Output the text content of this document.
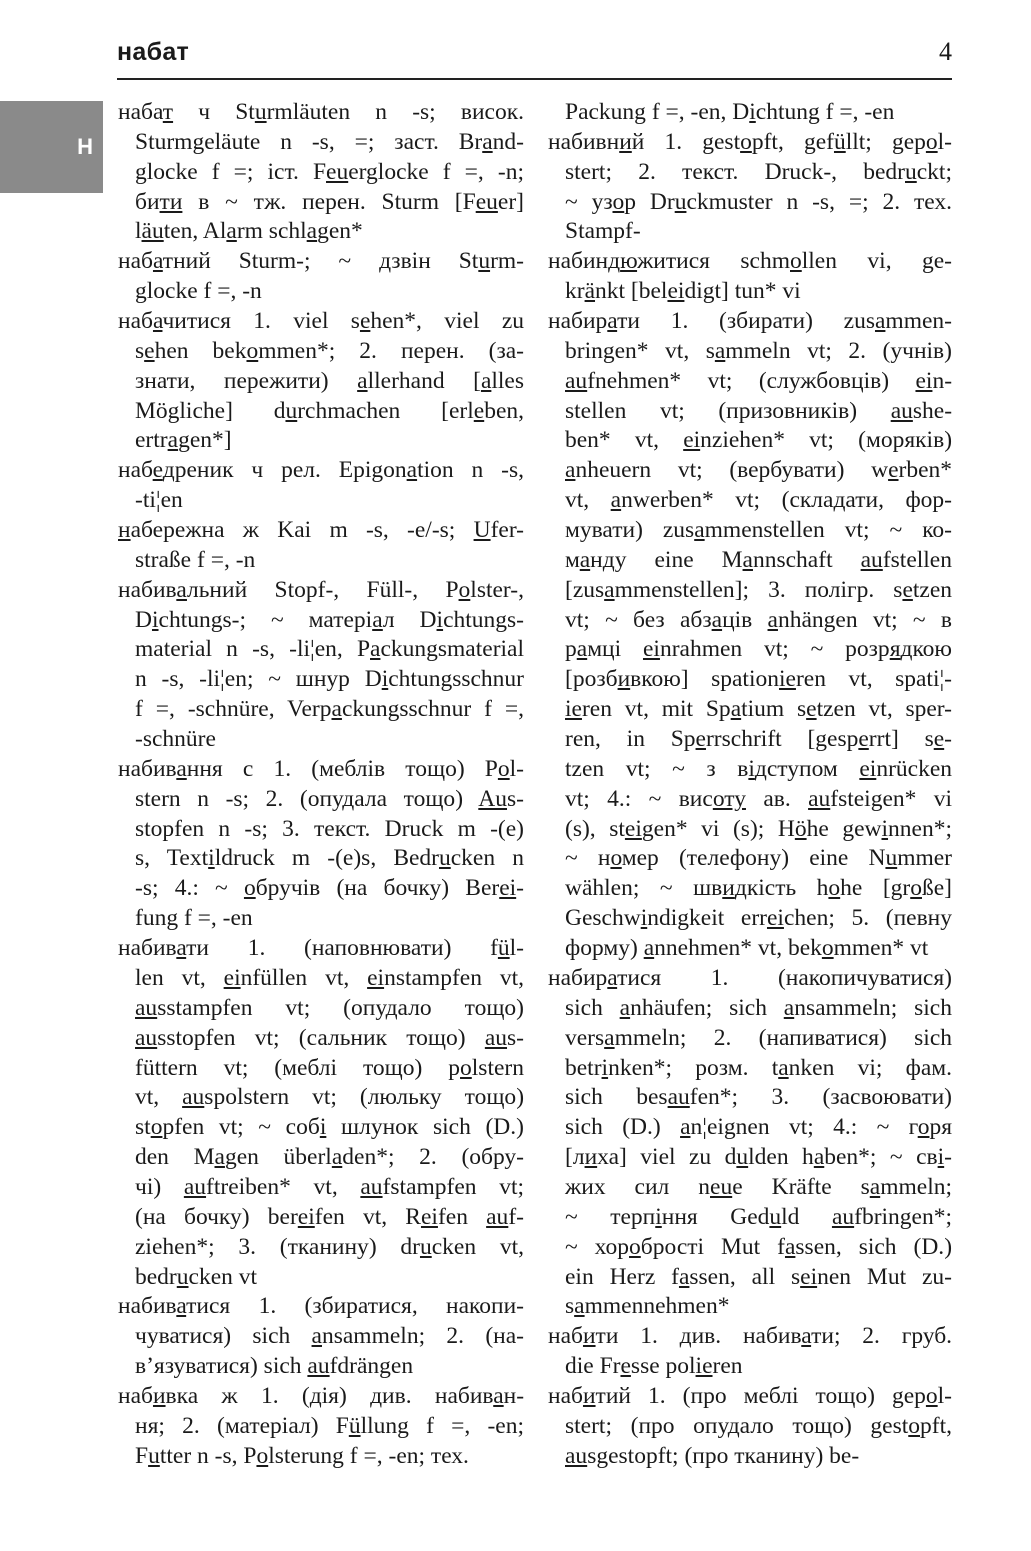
набат	4
Н
набат ч Sturmläuten n -s; висок.
Sturmgeläute n -s, =; заст. Brand-
glocke f =; іст. Feuerglocke f =, -n;
бити в ~ тж. перен. Sturm [Feuer]
läuten, Alarm schlagen*
набатний Sturm-; ~ дзвін Sturm-
glocke f =, -n
набачитися 1. viel sehen*, viel zu
sehen bekommen*; 2. перен. (за-
знати, пережити) allerhand [alles
Mögliche] durchmachen [erleben,
ertragen*]
набедреник ч рел. Epigonation n -s,
-ti¦en
набережна ж Kai m -s, -e/-s; Ufer-
straße f =, -n
набивальний Stopf-, Füll-, Polster-,
Dichtungs-; ~ матеріал Dichtungs-
material n -s, -li¦en, Packungsmaterial
n -s, -li¦en; ~ шнур Dichtungsschnur
f =, -schnüre, Verpackungsschnur f =,
-schnüre
набивання с 1. (меблів тощо) Pol-
stern n -s; 2. (опудала тощо) Aus-
stopfen n -s; 3. текст. Druck m -(e)
s, Textildruck m -(e)s, Bedrucken n
-s; 4.: ~ обручів (на бочку) Berei-
fung f =, -en
набивати 1. (наповнювати) fül-
len vt, einfüllen vt, einstampfen vt,
ausstampfen vt; (опудало тощо)
ausstopfen vt; (сальник тощо) aus-
füttern vt; (меблі тощо) polstern
vt, auspolstern vt; (люльку тощо)
stopfen vt; ~ собі шлунок sich (D.)
den Magen überladen*; 2. (обру-
чі) auftreiben* vt, aufstampfen vt;
(на бочку) bereifen vt, Reifen auf-
ziehen*; 3. (тканину) drucken vt,
bedrucken vt
набиватися 1. (збиратися, накопи-
чуватися) sich ansammeln; 2. (на-
в’язуватися) sich aufdrängen
набивка ж 1. (дія) див. набиван-
ня; 2. (матеріал) Füllung f =, -en;
Futter n -s, Polsterung f =, -en; тех.
Packung f =, -en, Dichtung f =, -en
набивний 1. gestopft, gefüllt; gepol-
stert; 2. текст. Druck-, bedruckt;
~ узор Druckmuster n -s, =; 2. тех.
Stampf-
набиндюжитися schmollen vi, ge-
kränkt [beleidigt] tun* vi
набирати 1. (збирати) zusammen-
bringen* vt, sammeln vt; 2. (учнів)
aufnehmen* vt; (службовців) ein-
stellen vt; (призовників) aushe-
ben* vt, einziehen* vt; (моряків)
anheuern vt; (вербувати) werben*
vt, anwerben* vt; (складати, фор-
мувати) zusammenstellen vt; ~ ко-
манду eine Mannschaft aufstellen
[zusammenstellen]; 3. полігр. setzen
vt; ~ без абзаців anhängen vt; ~ в
рамці einrahmen vt; ~ розрядкою
[розбивкою] spationieren vt, spati¦-
ieren vt, mit Spatium setzen vt, sper-
ren, in Sperrschrift [gesperrt] se-
tzen vt; ~ з відступом einrücken
vt; 4.: ~ висоту ав. aufsteigen* vi
(s), steigen* vi (s); Höhe gewinnen*;
~ номер (телефону) eine Nummer
wählen; ~ швидкість hohe [große]
Geschwindigkeit erreichen; 5. (певну
форму) annehmen* vt, bekommen* vt
набиратися 1. (накопичуватися)
sich anhäufen; sich ansammeln; sich
versammeln; 2. (напиватися) sich
betrinken*; розм. tanken vi; фам.
sich besaufen*; 3. (засвоювати)
sich (D.) an¦eignen vt; 4.: ~ горя
[лиха] viel zu dulden haben*; ~ сві-
жих сил neue Kräfte sammeln;
~ терпіння Geduld aufbringen*;
~ хоробрості Mut fassen, sich (D.)
ein Herz fassen, all seinen Mut zu-
sammennehmen*
набити 1. див. набивати; 2. груб.
die Fresse polieren
набитий 1. (про меблі тощо) gepol-
stert; (про опудало тощо) gestopft,
ausgestopft; (про тканину) be-
